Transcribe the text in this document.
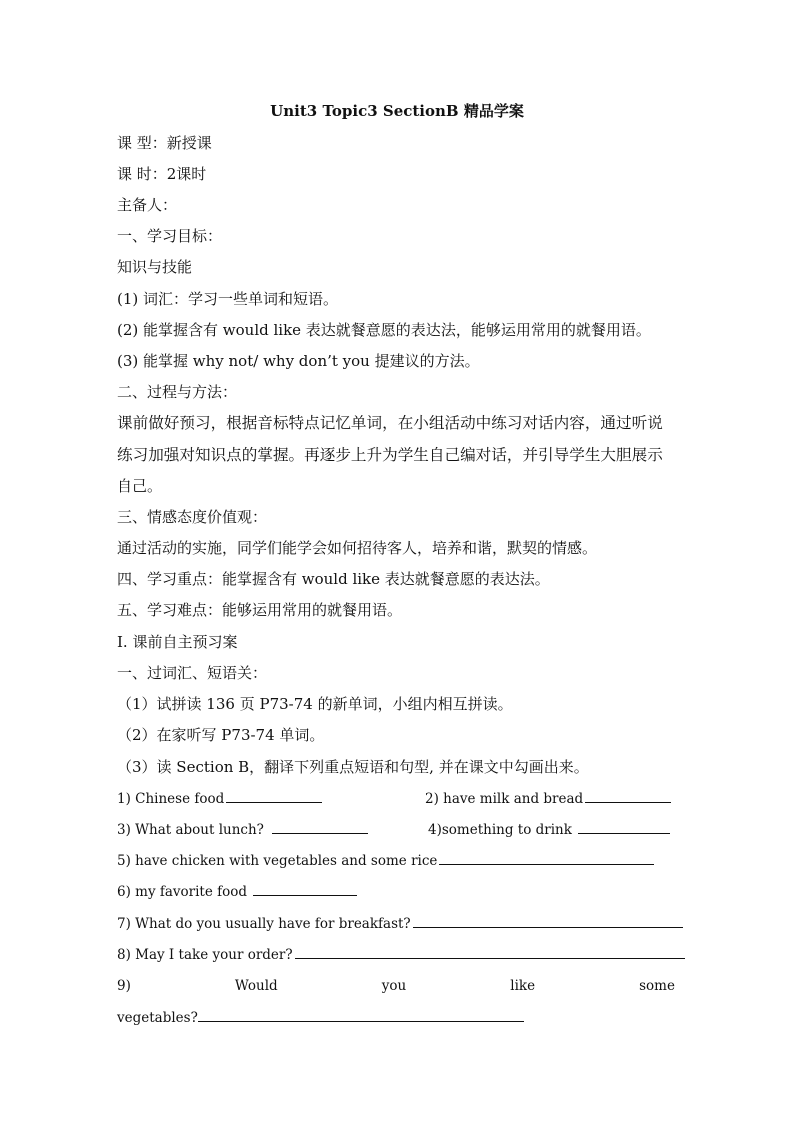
Unit3 Topic3 SectionB 精品学案
课 型：新授课
课 时：2课时
主备人：
一、学习目标：
知识与技能
(1) 词汇：学习一些单词和短语。
(2) 能掌握含有 would like 表达就餐意愿的表达法，能够运用常用的就餐用语。
(3) 能掌握 why not/ why don’t you 提建议的方法。
二、过程与方法：
课前做好预习，根据音标特点记忆单词，在小组活动中练习对话内容，通过听说
练习加强对知识点的掌握。再逐步上升为学生自己编对话，并引导学生大胆展示
自己。
三、情感态度价值观：
通过活动的实施，同学们能学会如何招待客人，培养和谐，默契的情感。
四、学习重点：能掌握含有 would like 表达就餐意愿的表达法。
五、学习难点：能够运用常用的就餐用语。
I. 课前自主预习案
一、过词汇、短语关：
（1）试拼读 136 页 P73-74 的新单词，小组内相互拼读。
（2）在家听写 P73-74 单词。
（3）读 Section B，翻译下列重点短语和句型, 并在课文中勾画出来。
1) Chinese food	2) have milk and bread
3) What about lunch?	4)something to drink
5) have chicken with vegetables and some rice
6) my favorite food
7) What do you usually have for breakfast?
8) May I take your order?
9)	Would	you	like	some
vegetables?
